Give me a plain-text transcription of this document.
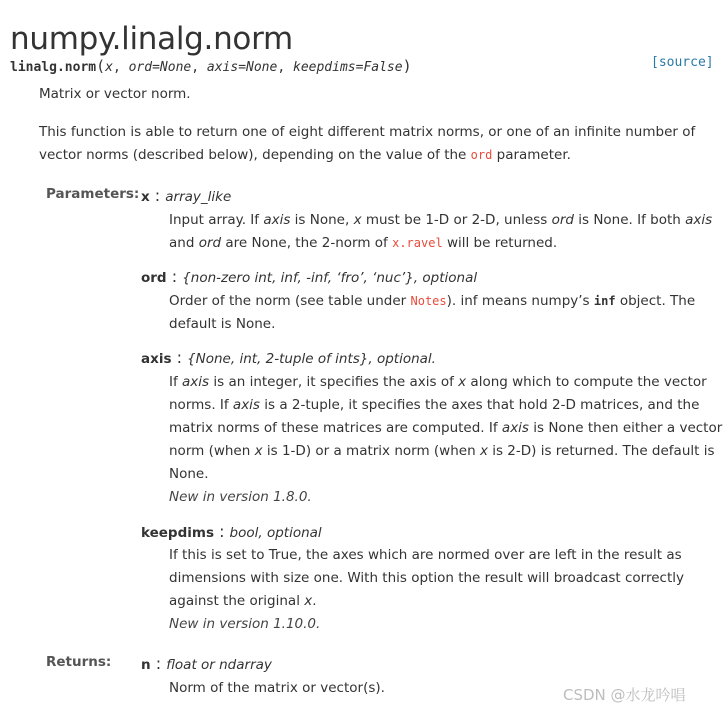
numpy.linalg.norm
linalg.norm(x, ord=None, axis=None, keepdims=False)	[source]
Matrix or vector norm.
This function is able to return one of eight different matrix norms, or one of an infinite number of
vector norms (described below), depending on the value of the ord parameter.
Parameters: x : array_like
Input array. If axis is None, x must be 1-D or 2-D, unless ord is None. If both axis
and ord are None, the 2-norm of x.ravel will be returned.
ord : {non-zero int, inf, -inf, ‘fro’, ‘nuc’}, optional
Order of the norm (see table under Notes). inf means numpy’s inf object. The
default is None.
axis : {None, int, 2-tuple of ints}, optional.
If axis is an integer, it specifies the axis of x along which to compute the vector
norms. If axis is a 2-tuple, it specifies the axes that hold 2-D matrices, and the
matrix norms of these matrices are computed. If axis is None then either a vector
norm (when x is 1-D) or a matrix norm (when x is 2-D) is returned. The default is
None.
New in version 1.8.0.
keepdims : bool, optional
If this is set to True, the axes which are normed over are left in the result as
dimensions with size one. With this option the result will broadcast correctly
against the original x.
New in version 1.10.0.
Returns: n : float or ndarray
Norm of the matrix or vector(s).	CSDN @水龙吟唱
